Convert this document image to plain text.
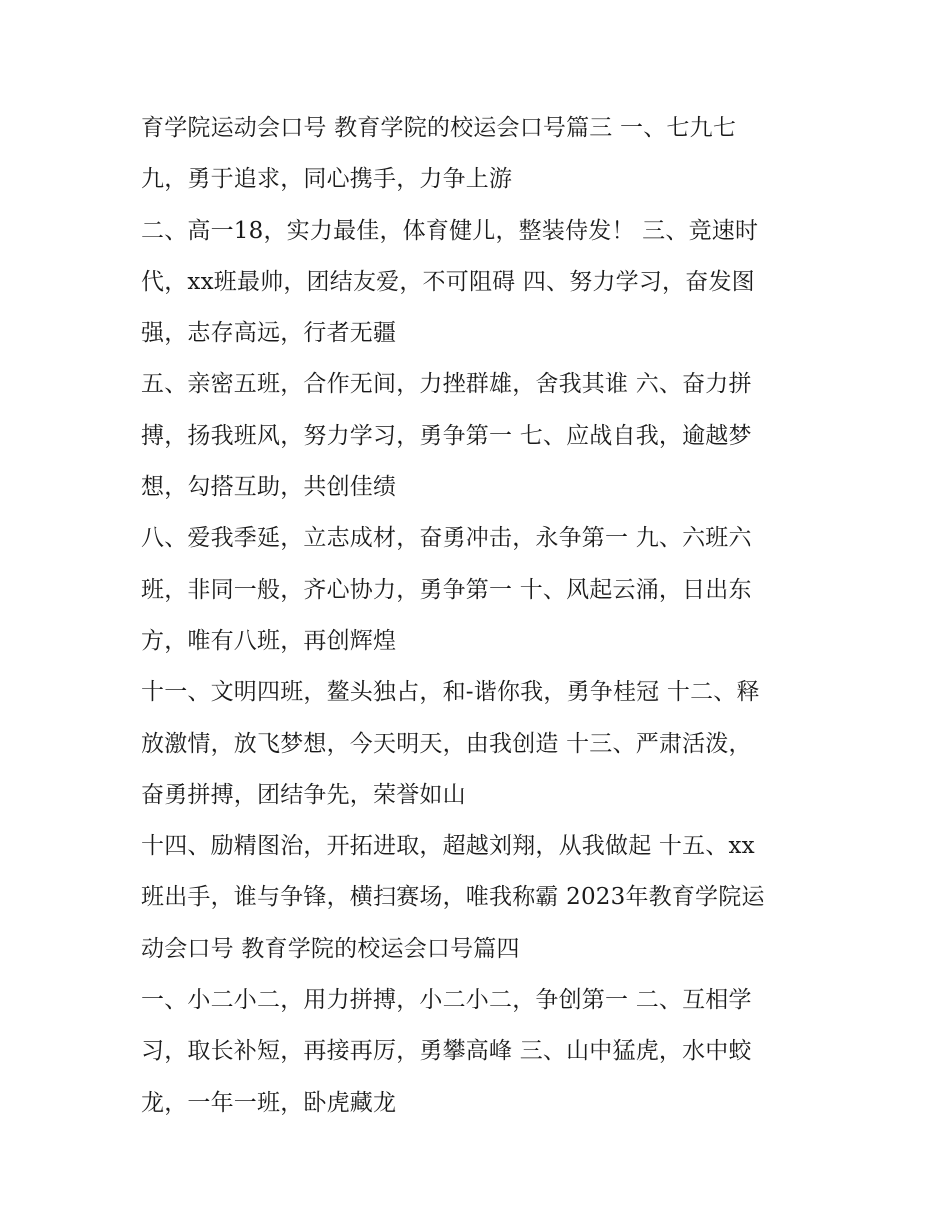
育学院运动会口号 教育学院的校运会口号篇三 一、七九七
九，勇于追求，同心携手，力争上游
二、高一18，实力最佳，体育健儿，整装侍发！ 三、竞速时
代，xx班最帅，团结友爱，不可阻碍 四、努力学习，奋发图
强，志存高远，行者无疆
五、亲密五班，合作无间，力挫群雄，舍我其谁 六、奋力拼
搏，扬我班风，努力学习，勇争第一 七、应战自我，逾越梦
想，勾搭互助，共创佳绩
八、爱我季延，立志成材，奋勇冲击，永争第一 九、六班六
班，非同一般，齐心协力，勇争第一 十、风起云涌，日出东
方，唯有八班，再创辉煌
十一、文明四班，鳌头独占，和-谐你我，勇争桂冠 十二、释
放激情，放飞梦想，今天明天，由我创造 十三、严肃活泼，
奋勇拼搏，团结争先，荣誉如山
十四、励精图治，开拓进取，超越刘翔，从我做起 十五、xx
班出手，谁与争锋，横扫赛场，唯我称霸 2023年教育学院运
动会口号 教育学院的校运会口号篇四
一、小二小二，用力拼搏，小二小二，争创第一 二、互相学
习，取长补短，再接再厉，勇攀高峰 三、山中猛虎，水中蛟
龙，一年一班，卧虎藏龙
